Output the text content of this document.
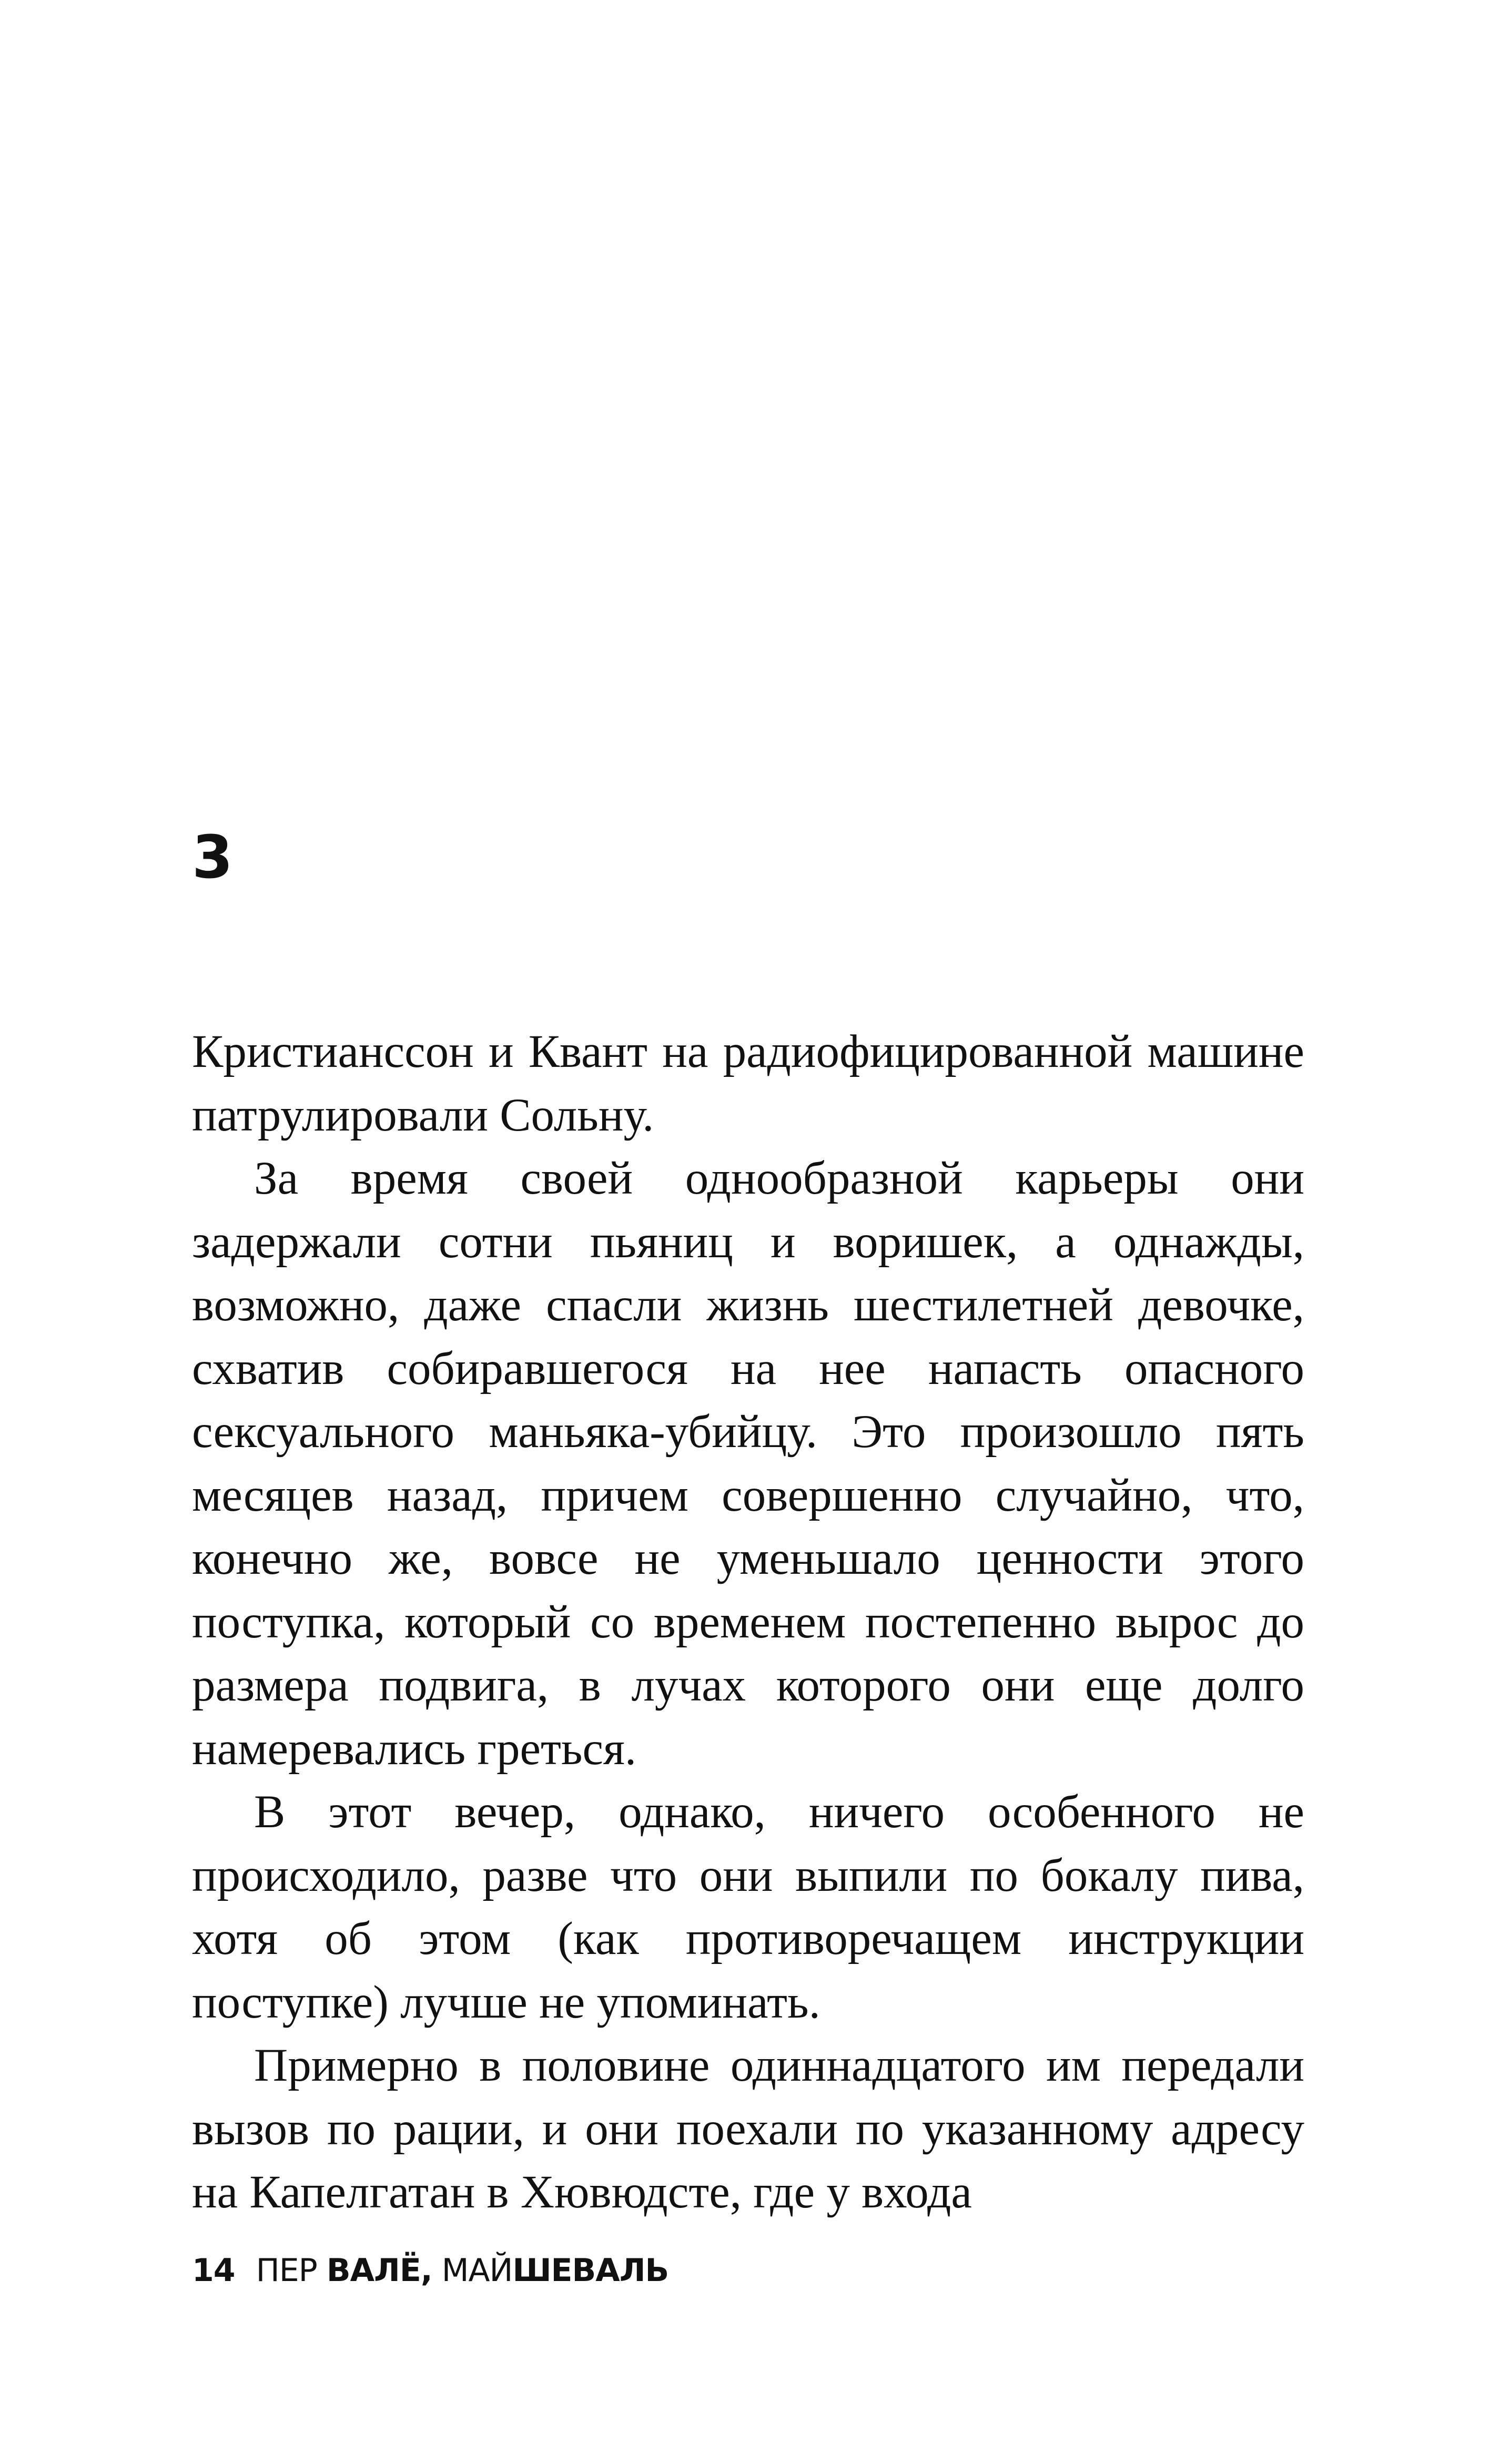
3

Кристианссон и Квант на радиофицированной машине патрулировали Сольну.

За время своей однообразной карьеры они задержали сотни пьяниц и воришек, а однажды, возможно, даже спасли жизнь шестилетней девочке, схватив собиравшегося на нее напасть опасного сексуального маньяка-убийцу. Это произошло пять месяцев назад, причем совершенно случайно, что, конечно же, вовсе не уменьшало ценности этого поступка, который со временем постепенно вырос до размера подвига, в лучах которого они еще долго намеревались греться.

В этот вечер, однако, ничего особенного не происходило, разве что они выпили по бокалу пива, хотя об этом (как противоречащем инструкции поступке) лучше не упоминать.

Примерно в половине одиннадцатого им передали вызов по рации, и они поехали по указанному адресу на Капелгатан в Хювюдсте, где у входа

14 ПЕР ВАЛЁ, МАЙШЕВАЛЬ
